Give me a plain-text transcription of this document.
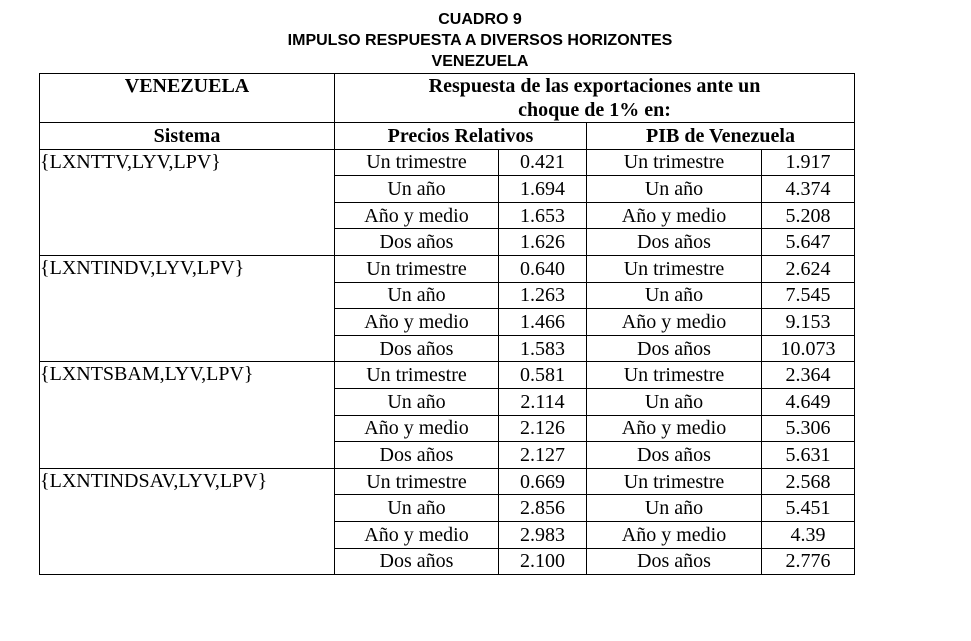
CUADRO 9
IMPULSO RESPUESTA A DIVERSOS HORIZONTES
VENEZUELA
VENEZUELA	Respuesta de las exportaciones ante un
choque de 1% en:			
Sistema	Precios Relativos		PIB de Venezuela	
{LXNTTV,LYV,LPV}	Un trimestre	0.421	Un trimestre	1.917
	Un año	1.694	Un año	4.374
	Año y medio	1.653	Año y medio	5.208
	Dos años	1.626	Dos años	5.647
{LXNTINDV,LYV,LPV}	Un trimestre	0.640	Un trimestre	2.624
	Un año	1.263	Un año	7.545
	Año y medio	1.466	Año y medio	9.153
	Dos años	1.583	Dos años	10.073
{LXNTSBAM,LYV,LPV}	Un trimestre	0.581	Un trimestre	2.364
	Un año	2.114	Un año	4.649
	Año y medio	2.126	Año y medio	5.306
	Dos años	2.127	Dos años	5.631
{LXNTINDSAV,LYV,LPV}	Un trimestre	0.669	Un trimestre	2.568
	Un año	2.856	Un año	5.451
	Año y medio	2.983	Año y medio	4.39
	Dos años	2.100	Dos años	2.776
